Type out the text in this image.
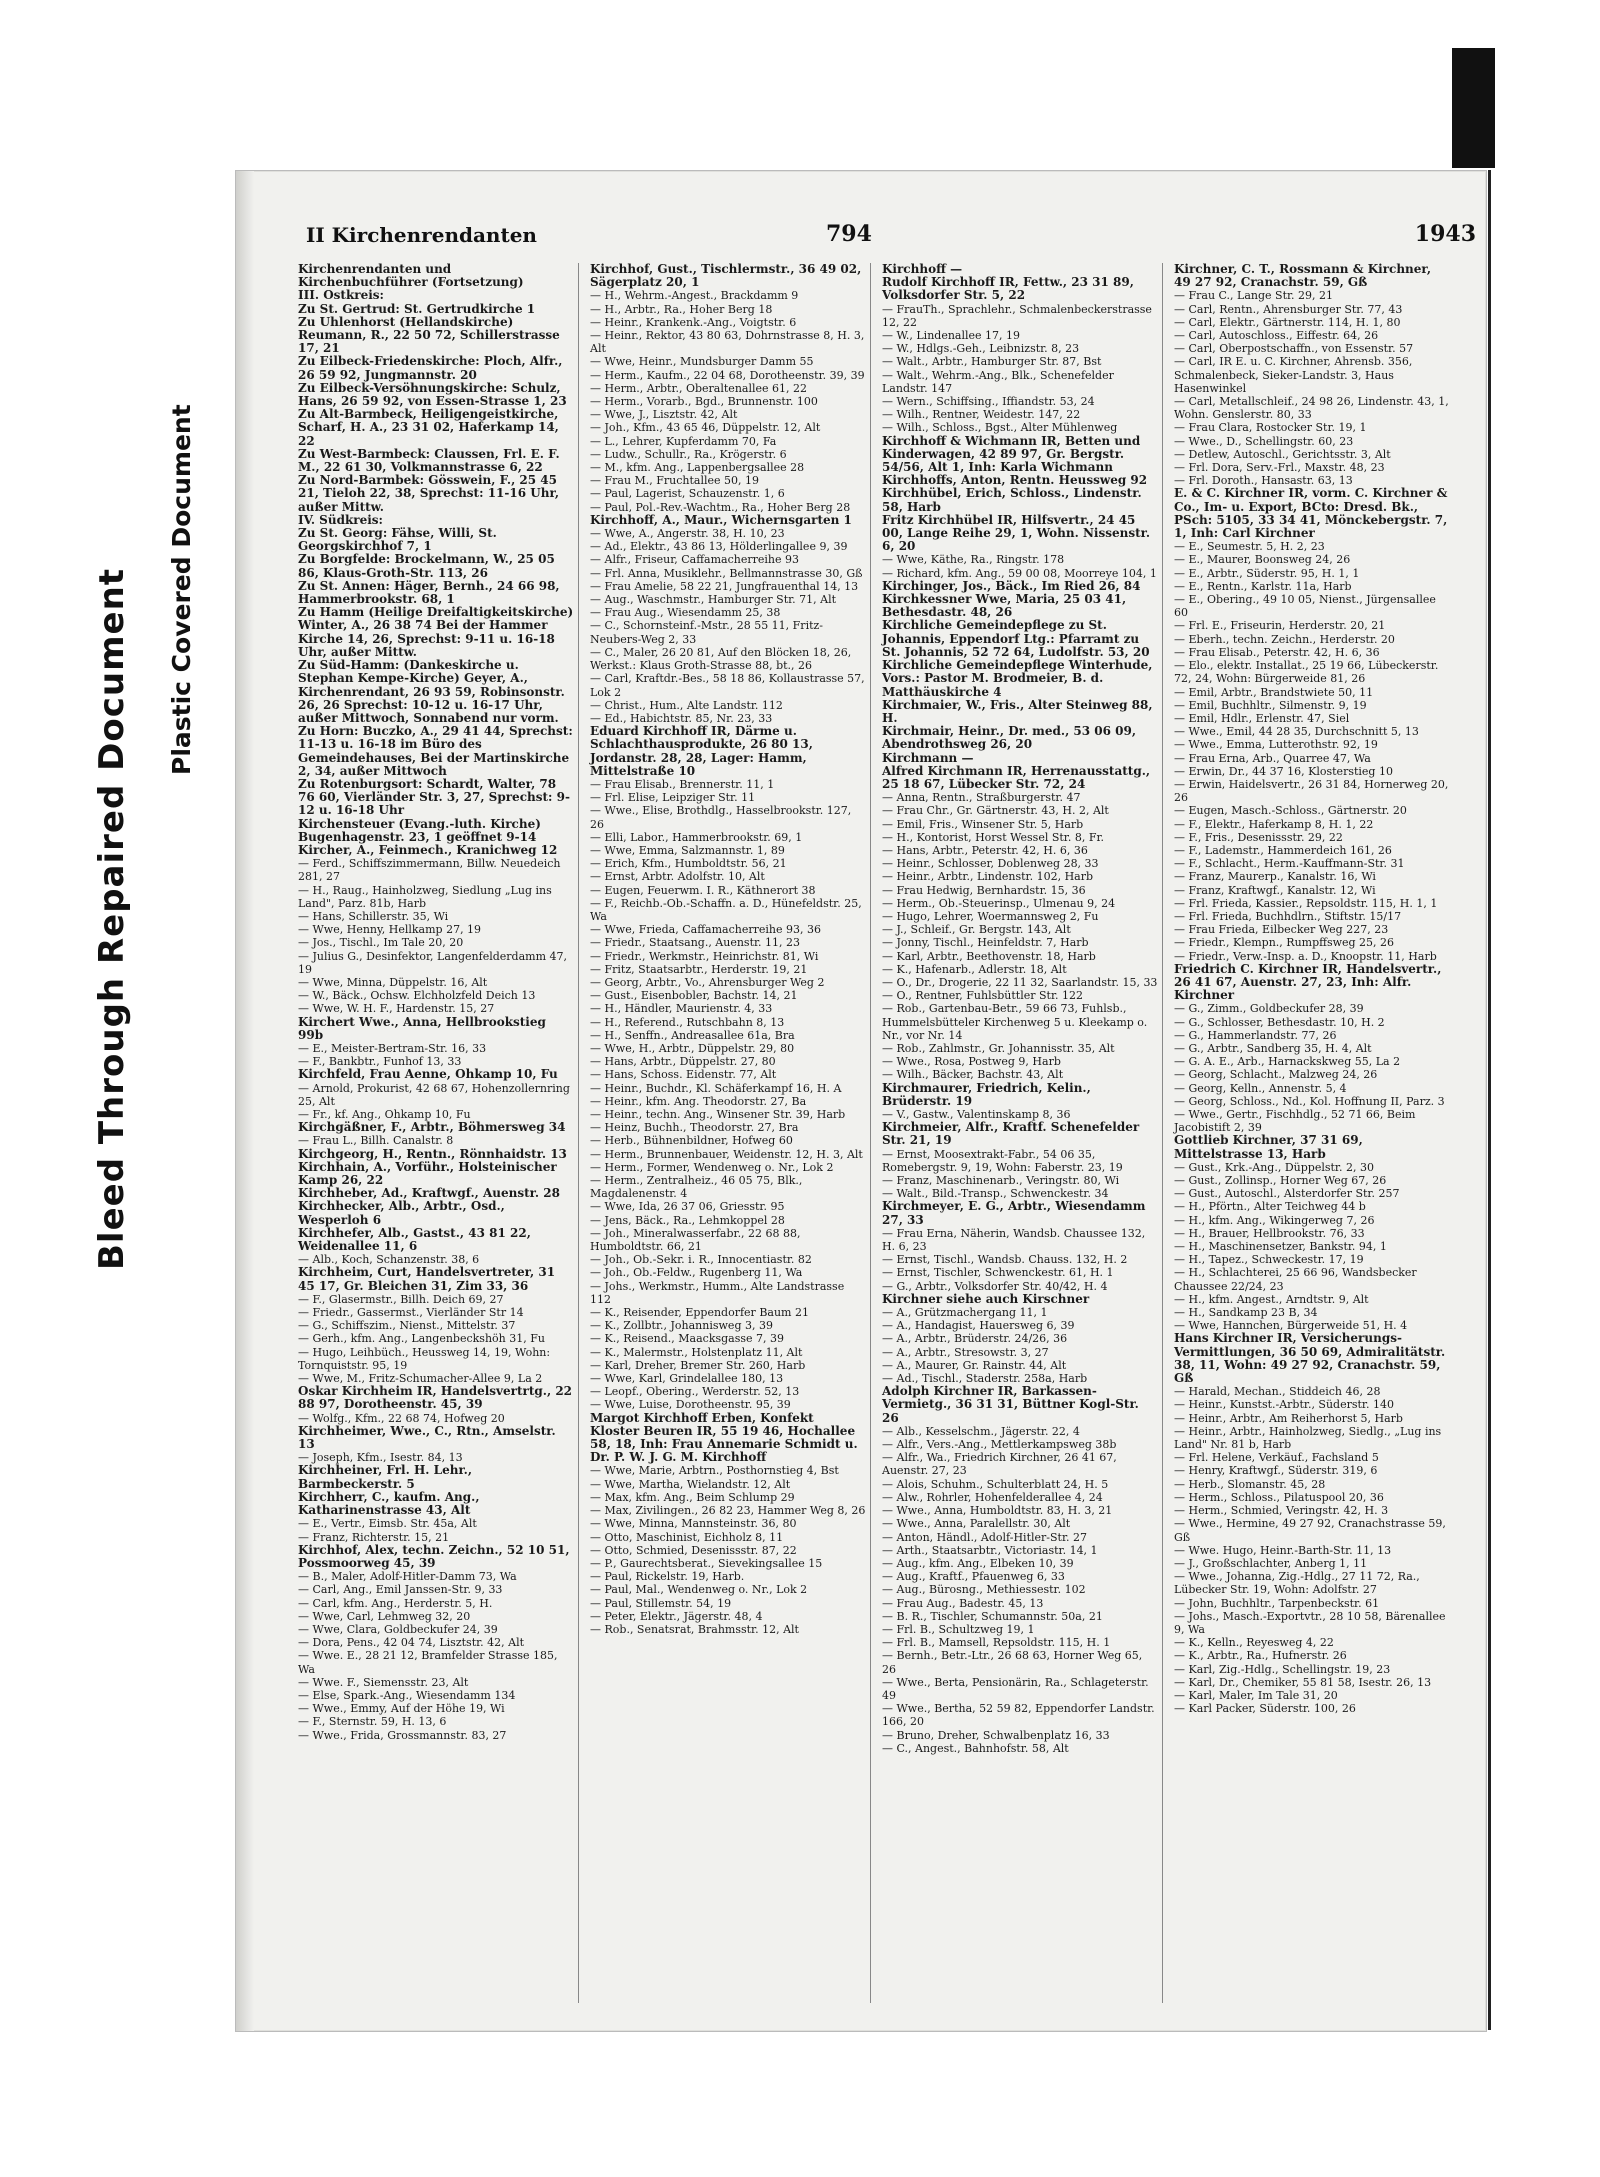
Bleed Through Repaired Document Plastic Covered Document
II Kirchenrendanten	794	1943

Kirchenrendanten und Kirchenbuchführer (Fortsetzung)

III. Ostkreis:

Zu St. Gertrud: St. Gertrudkirche 1

Zu Uhlenhorst (Hellandskirche) Reumann, R., 22 50 72, Schillerstrasse 17, 21

Zu Eilbeck-Friedenskirche: Ploch, Alfr., 26 59 92, Jungmannstr. 20

Zu Eilbeck-Versöhnungskirche: Schulz, Hans, 26 59 92, von Essen-Strasse 1, 23

Zu Alt-Barmbeck, Heiligengeistkirche, Scharf, H. A., 23 31 02, Haferkamp 14, 22

Zu West-Barmbeck: Claussen, Frl. E. F. M., 22 61 30, Volkmannstrasse 6, 22

Zu Nord-Barmbek: Gösswein, F., 25 45 21, Tieloh 22, 38, Sprechst: 11-16 Uhr, außer Mittw.

IV. Südkreis:

Zu St. Georg: Fähse, Willi, St. Georgskirchhof 7, 1

Zu Borgfelde: Brockelmann, W., 25 05 86, Klaus-Groth-Str. 113, 26

Zu St. Annen: Häger, Bernh., 24 66 98, Hammerbrookstr. 68, 1

Zu Hamm (Heilige Dreifaltigkeitskirche) Winter, A., 26 38 74 Bei der Hammer Kirche 14, 26, Sprechst: 9-11 u. 16-18 Uhr, außer Mittw.

Zu Süd-Hamm: (Dankeskirche u. Stephan Kempe-Kirche) Geyer, A., Kirchenrendant, 26 93 59, Robinsonstr. 26, 26 Sprechst: 10-12 u. 16-17 Uhr, außer Mittwoch, Sonnabend nur vorm.

Zu Horn: Buczko, A., 29 41 44, Sprechst: 11-13 u. 16-18 im Büro des Gemeindehauses, Bei der Martinskirche 2, 34, außer Mittwoch

Zu Rotenburgsort: Schardt, Walter, 78 76 60, Vierländer Str. 3, 27, Sprechst: 9-12 u. 16-18 Uhr

Kirchensteuer (Evang.-luth. Kirche) Bugenhagenstr. 23, 1 geöffnet 9-14

Kircher, A., Feinmech., Kranichweg 12

— Ferd., Schiffszimmermann, Billw. Neuedeich 281, 27

— H., Raug., Hainholzweg, Siedlung „Lug ins Land", Parz. 81b, Harb

— Hans, Schillerstr. 35, Wi

— Wwe, Henny, Hellkamp 27, 19

— Jos., Tischl., Im Tale 20, 20

— Julius G., Desinfektor, Langenfelderdamm 47, 19

— Wwe, Minna, Düppelstr. 16, Alt

— W., Bäck., Ochsw. Elchholzfeld Deich 13

— Wwe, W. H. F., Hardenstr. 15, 27

Kirchert Wwe., Anna, Hellbrookstieg 99b

— E., Meister-Bertram-Str. 16, 33

— F., Bankbtr., Funhof 13, 33

Kirchfeld, Frau Aenne, Ohkamp 10, Fu

— Arnold, Prokurist, 42 68 67, Hohenzollernring 25, Alt

— Fr., kf. Ang., Ohkamp 10, Fu

Kirchgäßner, F., Arbtr., Böhmersweg 34

— Frau L., Billh. Canalstr. 8

Kirchgeorg, H., Rentn., Rönnhaidstr. 13

Kirchhain, A., Vorführ., Holsteinischer Kamp 26, 22

Kirchheber, Ad., Kraftwgf., Auenstr. 28

Kirchhecker, Alb., Arbtr., Osd., Wesperloh 6

Kirchhefer, Alb., Gastst., 43 81 22, Weidenallee 11, 6

— Alb., Koch, Schanzenstr. 38, 6

Kirchheim, Curt, Handelsvertreter, 31 45 17, Gr. Bleichen 31, Zim 33, 36

— F., Glasermstr., Billh. Deich 69, 27

— Friedr., Gassermst., Vierländer Str 14

— G., Schiffszim., Nienst., Mittelstr. 37

— Gerh., kfm. Ang., Langenbeckshöh 31, Fu

— Hugo, Leihbüch., Heussweg 14, 19, Wohn: Tornquiststr. 95, 19

— Wwe, M., Fritz-Schumacher-Allee 9, La 2

Oskar Kirchheim IR, Handelsvertrtg., 22 88 97, Dorotheenstr. 45, 39

— Wolfg., Kfm., 22 68 74, Hofweg 20

Kirchheimer, Wwe., C., Rtn., Amselstr. 13

— Joseph, Kfm., Isestr. 84, 13

Kirchheiner, Frl. H. Lehr., Barmbeckerstr. 5

Kirchherr, C., kaufm. Ang., Katharinenstrasse 43, Alt

— E., Vertr., Eimsb. Str. 45a, Alt

— Franz, Richterstr. 15, 21

Kirchhof, Alex, techn. Zeichn., 52 10 51, Possmoorweg 45, 39

— B., Maler, Adolf-Hitler-Damm 73, Wa

— Carl, Ang., Emil Janssen-Str. 9, 33

— Carl, kfm. Ang., Herderstr. 5, H.

— Wwe, Carl, Lehmweg 32, 20

— Wwe, Clara, Goldbeckufer 24, 39

— Dora, Pens., 42 04 74, Lisztstr. 42, Alt

— Wwe. E., 28 21 12, Bramfelder Strasse 185, Wa

— Wwe. F., Siemensstr. 23, Alt

— Else, Spark.-Ang., Wiesendamm 134

— Wwe., Emmy, Auf der Höhe 19, Wi

— F., Sternstr. 59, H. 13, 6

— Wwe., Frida, Grossmannstr. 83, 27

Kirchhof, Gust., Tischlermstr., 36 49 02, Sägerplatz 20, 1

— H., Wehrm.-Angest., Brackdamm 9

— H., Arbtr., Ra., Hoher Berg 18

— Heinr., Krankenk.-Ang., Voigtstr. 6

— Heinr., Rektor, 43 80 63, Dohrnstrasse 8, H. 3, Alt

— Wwe, Heinr., Mundsburger Damm 55

— Herm., Kaufm., 22 04 68, Dorotheenstr. 39, 39

— Herm., Arbtr., Oberaltenallee 61, 22

— Herm., Vorarb., Bgd., Brunnenstr. 100

— Wwe, J., Lisztstr. 42, Alt

— Joh., Kfm., 43 65 46, Düppelstr. 12, Alt

— L., Lehrer, Kupferdamm 70, Fa

— Ludw., Schullr., Ra., Krögerstr. 6

— M., kfm. Ang., Lappenbergsallee 28

— Frau M., Fruchtallee 50, 19

— Paul, Lagerist, Schauzenstr. 1, 6

— Paul, Pol.-Rev.-Wachtm., Ra., Hoher Berg 28

Kirchhoff, A., Maur., Wichernsgarten 1

— Wwe, A., Angerstr. 38, H. 10, 23

— Ad., Elektr., 43 86 13, Hölderlingallee 9, 39

— Alfr., Friseur, Caffamacherreihe 93

— Frl. Anna, Musiklehr., Bellmannstrasse 30, Gß

— Frau Amelie, 58 22 21, Jungfrauenthal 14, 13

— Aug., Waschmstr., Hamburger Str. 71, Alt

— Frau Aug., Wiesendamm 25, 38

— C., Schornsteinf.-Mstr., 28 55 11, Fritz-Neubers-Weg 2, 33

— C., Maler, 26 20 81, Auf den Blöcken 18, 26, Werkst.: Klaus Groth-Strasse 88, bt., 26

— Carl, Kraftdr.-Bes., 58 18 86, Kollaustrasse 57, Lok 2

— Christ., Hum., Alte Landstr. 112

— Ed., Habichtstr. 85, Nr. 23, 33

Eduard Kirchhoff IR, Därme u. Schlachthausprodukte, 26 80 13, Jordanstr. 28, 28, Lager: Hamm, Mittelstraße 10

— Frau Elisab., Brennerstr. 11, 1

— Frl. Elise, Leipziger Str. 11

— Wwe., Elise, Brothdlg., Hasselbrookstr. 127, 26

— Elli, Labor., Hammerbrookstr. 69, 1

— Wwe, Emma, Salzmannstr. 1, 89

— Erich, Kfm., Humboldtstr. 56, 21

— Ernst, Arbtr. Adolfstr. 10, Alt

— Eugen, Feuerwm. I. R., Käthnerort 38

— F., Reichb.-Ob.-Schaffn. a. D., Hünefeldstr. 25, Wa

— Wwe, Frieda, Caffamacherreihe 93, 36

— Friedr., Staatsang., Auenstr. 11, 23

— Friedr., Werkmstr., Heinrichstr. 81, Wi

— Fritz, Staatsarbtr., Herderstr. 19, 21

— Georg, Arbtr., Vo., Ahrensburger Weg 2

— Gust., Eisenbobler, Bachstr. 14, 21

— H., Händler, Maurienstr. 4, 33

— H., Referend., Rutschbahn 8, 13

— H., Senffn., Andreasallee 61a, Bra

— Wwe, H., Arbtr., Düppelstr. 29, 80

— Hans, Arbtr., Düppelstr. 27, 80

— Hans, Schoss. Eidenstr. 77, Alt

— Heinr., Buchdr., Kl. Schäferkampf 16, H. A

— Heinr., kfm. Ang. Theodorstr. 27, Ba

— Heinr., techn. Ang., Winsener Str. 39, Harb

— Heinz, Buchh., Theodorstr. 27, Bra

— Herb., Bühnenbildner, Hofweg 60

— Herm., Brunnenbauer, Weidenstr. 12, H. 3, Alt

— Herm., Former, Wendenweg o. Nr., Lok 2

— Herm., Zentralheiz., 46 05 75, Blk., Magdalenenstr. 4

— Wwe, Ida, 26 37 06, Griesstr. 95

— Jens, Bäck., Ra., Lehmkoppel 28

— Joh., Mineralwasserfabr., 22 68 88, Humboldtstr. 66, 21

— Joh., Ob.-Sekr. i. R., Innocentiastr. 82

— Joh., Ob.-Feldw., Rugenberg 11, Wa

— Johs., Werkmstr., Humm., Alte Landstrasse 112

— K., Reisender, Eppendorfer Baum 21

— K., Zollbtr., Johannisweg 3, 39

— K., Reisend., Maacksgasse 7, 39

— K., Malermstr., Holstenplatz 11, Alt

— Karl, Dreher, Bremer Str. 260, Harb

— Wwe, Karl, Grindelallee 180, 13

— Leopf., Obering., Werderstr. 52, 13

— Wwe, Luise, Dorotheenstr. 95, 39

Margot Kirchhoff Erben, Konfekt Kloster Beuren IR, 55 19 46, Hochallee 58, 18, Inh: Frau Annemarie Schmidt u. Dr. P. W. J. G. M. Kirchhoff

— Wwe, Marie, Arbtrn., Posthornstieg 4, Bst

— Wwe, Martha, Wielandstr. 12, Alt

— Max, kfm. Ang., Beim Schlump 29

— Max, Zivilingen., 26 82 23, Hammer Weg 8, 26

— Wwe, Minna, Mannsteinstr. 36, 80

— Otto, Maschinist, Eichholz 8, 11

— Otto, Schmied, Desenissstr. 87, 22

— P., Gaurechtsberat., Sievekingsallee 15

— Paul, Rickelstr. 19, Harb.

— Paul, Mal., Wendenweg o. Nr., Lok 2

— Paul, Stillemstr. 54, 19

— Peter, Elektr., Jägerstr. 48, 4

— Rob., Senatsrat, Brahmsstr. 12, Alt

Kirchhoff —

Rudolf Kirchhoff IR, Fettw., 23 31 89, Volksdorfer Str. 5, 22

— FrauTh., Sprachlehr., Schmalenbeckerstrasse 12, 22

— W., Lindenallee 17, 19

— W., Hdlgs.-Geh., Leibnizstr. 8, 23

— Walt., Arbtr., Hamburger Str. 87, Bst

— Walt., Wehrm.-Ang., Blk., Schenefelder Landstr. 147

— Wern., Schiffsing., Iffiandstr. 53, 24

— Wilh., Rentner, Weidestr. 147, 22

— Wilh., Schloss., Bgst., Alter Mühlenweg

Kirchhoff & Wichmann IR, Betten und Kinderwagen, 42 89 97, Gr. Bergstr. 54/56, Alt 1, Inh: Karla Wichmann

Kirchhoffs, Anton, Rentn. Heussweg 92

Kirchhübel, Erich, Schloss., Lindenstr. 58, Harb

Fritz Kirchhübel IR, Hilfsvertr., 24 45 00, Lange Reihe 29, 1, Wohn. Nissenstr. 6, 20

— Wwe, Käthe, Ra., Ringstr. 178

— Richard, kfm. Ang., 59 00 08, Moorreye 104, 1

Kirchinger, Jos., Bäck., Im Ried 26, 84

Kirchkessner Wwe, Maria, 25 03 41, Bethesdastr. 48, 26

Kirchliche Gemeindepflege zu St. Johannis, Eppendorf Ltg.: Pfarramt zu St. Johannis, 52 72 64, Ludolfstr. 53, 20

Kirchliche Gemeindepflege Winterhude, Vors.: Pastor M. Brodmeier, B. d. Matthäuskirche 4

Kirchmaier, W., Fris., Alter Steinweg 88, H.

Kirchmair, Heinr., Dr. med., 53 06 09, Abendrothsweg 26, 20

Kirchmann —

Alfred Kirchmann IR, Herrenausstattg., 25 18 67, Lübecker Str. 72, 24

— Anna, Rentn., Straßburgerstr. 47

— Frau Chr., Gr. Gärtnerstr. 43, H. 2, Alt

— Emil, Fris., Winsener Str. 5, Harb

— H., Kontorist, Horst Wessel Str. 8, Fr.

— Hans, Arbtr., Peterstr. 42, H. 6, 36

— Heinr., Schlosser, Doblenweg 28, 33

— Heinr., Arbtr., Lindenstr. 102, Harb

— Frau Hedwig, Bernhardstr. 15, 36

— Herm., Ob.-Steuerinsp., Ulmenau 9, 24

— Hugo, Lehrer, Woermannsweg 2, Fu

— J., Schleif., Gr. Bergstr. 143, Alt

— Jonny, Tischl., Heinfeldstr. 7, Harb

— Karl, Arbtr., Beethovenstr. 18, Harb

— K., Hafenarb., Adlerstr. 18, Alt

— O., Dr., Drogerie, 22 11 32, Saarlandstr. 15, 33

— O., Rentner, Fuhlsbüttler Str. 122

— Rob., Gartenbau-Betr., 59 66 73, Fuhlsb., Hummelsbütteler Kirchenweg 5 u. Kleekamp o. Nr., vor Nr. 14

— Rob., Zahlmstr., Gr. Johannisstr. 35, Alt

— Wwe., Rosa, Postweg 9, Harb

— Wilh., Bäcker, Bachstr. 43, Alt

Kirchmaurer, Friedrich, Kelin., Brüderstr. 19

— V., Gastw., Valentinskamp 8, 36

Kirchmeier, Alfr., Kraftf. Schenefelder Str. 21, 19

— Ernst, Moosextrakt-Fabr., 54 06 35, Romebergstr. 9, 19, Wohn: Faberstr. 23, 19

— Franz, Maschinenarb., Veringstr. 80, Wi

— Walt., Bild.-Transp., Schwenckestr. 34

Kirchmeyer, E. G., Arbtr., Wiesendamm 27, 33

— Frau Erna, Näherin, Wandsb. Chaussee 132, H. 6, 23

— Ernst, Tischl., Wandsb. Chauss. 132, H. 2

— Ernst, Tischler, Schwenckestr. 61, H. 1

— G., Arbtr., Volksdorfer Str. 40/42, H. 4

Kirchner siehe auch Kirschner

— A., Grützmachergang 11, 1

— A., Handagist, Hauersweg 6, 39

— A., Arbtr., Brüderstr. 24/26, 36

— A., Arbtr., Stresowstr. 3, 27

— A., Maurer, Gr. Rainstr. 44, Alt

— Ad., Tischl., Staderstr. 258a, Harb

Adolph Kirchner IR, Barkassen-Vermietg., 36 31 31, Büttner Kogl-Str. 26

— Alb., Kesselschm., Jägerstr. 22, 4

— Alfr., Vers.-Ang., Mettlerkampsweg 38b

— Alfr., Wa., Friedrich Kirchner, 26 41 67, Auenstr. 27, 23

— Alois, Schuhm., Schulterblatt 24, H. 5

— Alw., Rohrler, Hohenfelderallee 4, 24

— Wwe., Anna, Humboldtstr. 83, H. 3, 21

— Wwe., Anna, Paralellstr. 30, Alt

— Anton, Händl., Adolf-Hitler-Str. 27

— Arth., Staatsarbtr., Victoriastr. 14, 1

— Aug., kfm. Ang., Elbeken 10, 39

— Aug., Kraftf., Pfauenweg 6, 33

— Aug., Bürosng., Methiessestr. 102

— Frau Aug., Badestr. 45, 13

— B. R., Tischler, Schumannstr. 50a, 21

— Frl. B., Schultzweg 19, 1

— Frl. B., Mamsell, Repsoldstr. 115, H. 1

— Bernh., Betr.-Ltr., 26 68 63, Horner Weg 65, 26

— Wwe., Berta, Pensionärin, Ra., Schlageterstr. 49

— Wwe., Bertha, 52 59 82, Eppendorfer Landstr. 166, 20

— Bruno, Dreher, Schwalbenplatz 16, 33

— C., Angest., Bahnhofstr. 58, Alt

Kirchner, C. T., Rossmann & Kirchner, 49 27 92, Cranachstr. 59, Gß

— Frau C., Lange Str. 29, 21

— Carl, Rentn., Ahrensburger Str. 77, 43

— Carl, Elektr., Gärtnerstr. 114, H. 1, 80

— Carl, Autoschloss., Eiffestr. 64, 26

— Carl, Oberpostschaffn., von Essenstr. 57

— Carl, IR E. u. C. Kirchner, Ahrensb. 356, Schmalenbeck, Sieker-Landstr. 3, Haus Hasenwinkel

— Carl, Metallschleif., 24 98 26, Lindenstr. 43, 1, Wohn. Genslerstr. 80, 33

— Frau Clara, Rostocker Str. 19, 1

— Wwe., D., Schellingstr. 60, 23

— Detlew, Autoschl., Gerichtsstr. 3, Alt

— Frl. Dora, Serv.-Frl., Maxstr. 48, 23

— Frl. Doroth., Hansastr. 63, 13

E. & C. Kirchner IR, vorm. C. Kirchner & Co., Im- u. Export, BCto: Dresd. Bk., PSch: 5105, 33 34 41, Mönckebergstr. 7, 1, Inh: Carl Kirchner

— E., Seumestr. 5, H. 2, 23

— E., Maurer, Boonsweg 24, 26

— E., Arbtr., Süderstr. 95, H. 1, 1

— E., Rentn., Karlstr. 11a, Harb

— E., Obering., 49 10 05, Nienst., Jürgensallee 60

— Frl. E., Friseurin, Herderstr. 20, 21

— Eberh., techn. Zeichn., Herderstr. 20

— Frau Elisab., Peterstr. 42, H. 6, 36

— Elo., elektr. Installat., 25 19 66, Lübeckerstr. 72, 24, Wohn: Bürgerweide 81, 26

— Emil, Arbtr., Brandstwiete 50, 11

— Emil, Buchhltr., Silmenstr. 9, 19

— Emil, Hdlr., Erlenstr. 47, Siel

— Wwe., Emil, 44 28 35, Durchschnitt 5, 13

— Wwe., Emma, Lutterothstr. 92, 19

— Frau Erna, Arb., Quarree 47, Wa

— Erwin, Dr., 44 37 16, Klosterstieg 10

— Erwin, Haidelsvertr., 26 31 84, Hornerweg 20, 26

— Eugen, Masch.-Schloss., Gärtnerstr. 20

— F., Elektr., Haferkamp 8, H. 1, 22

— F., Fris., Desenissstr. 29, 22

— F., Lademstr., Hammerdeich 161, 26

— F., Schlacht., Herm.-Kauffmann-Str. 31

— Franz, Maurerp., Kanalstr. 16, Wi

— Franz, Kraftwgf., Kanalstr. 12, Wi

— Frl. Frieda, Kassier., Repsoldstr. 115, H. 1, 1

— Frl. Frieda, Buchhdlrn., Stiftstr. 15/17

— Frau Frieda, Eilbecker Weg 227, 23

— Friedr., Klempn., Rumpffsweg 25, 26

— Friedr., Verw.-Insp. a. D., Knoopstr. 11, Harb

Friedrich C. Kirchner IR, Handelsvertr., 26 41 67, Auenstr. 27, 23, Inh: Alfr. Kirchner

— G., Zimm., Goldbeckufer 28, 39

— G., Schlosser, Bethesdastr. 10, H. 2

— G., Hammerlandstr. 77, 26

— G., Arbtr., Sandberg 35, H. 4, Alt

— G. A. E., Arb., Harnackskweg 55, La 2

— Georg, Schlacht., Malzweg 24, 26

— Georg, Kelln., Annenstr. 5, 4

— Georg, Schloss., Nd., Kol. Hoffnung II, Parz. 3

— Wwe., Gertr., Fischhdlg., 52 71 66, Beim Jacobistift 2, 39

Gottlieb Kirchner, 37 31 69, Mittelstrasse 13, Harb

— Gust., Krk.-Ang., Düppelstr. 2, 30

— Gust., Zollinsp., Horner Weg 67, 26

— Gust., Autoschl., Alsterdorfer Str. 257

— H., Pförtn., Alter Teichweg 44 b

— H., kfm. Ang., Wikingerweg 7, 26

— H., Brauer, Hellbrookstr. 76, 33

— H., Maschinensetzer, Bankstr. 94, 1

— H., Tapez., Schweckestr. 17, 19

— H., Schlachterei, 25 66 96, Wandsbecker Chaussee 22/24, 23

— H., kfm. Angest., Arndtstr. 9, Alt

— H., Sandkamp 23 B, 34

— Wwe, Hannchen, Bürgerweide 51, H. 4

Hans Kirchner IR, Versicherungs-Vermittlungen, 36 50 69, Admiralitätstr. 38, 11, Wohn: 49 27 92, Cranachstr. 59, Gß

— Harald, Mechan., Stiddeich 46, 28

— Heinr., Kunstst.-Arbtr., Süderstr. 140

— Heinr., Arbtr., Am Reiherhorst 5, Harb

— Heinr., Arbtr., Hainholzweg, Siedlg., „Lug ins Land" Nr. 81 b, Harb

— Frl. Helene, Verkäuf., Fachsland 5

— Henry, Kraftwgf., Süderstr. 319, 6

— Herb., Slomanstr. 45, 28

— Herm., Schloss., Pilatuspool 20, 36

— Herm., Schmied, Veringstr. 42, H. 3

— Wwe., Hermine, 49 27 92, Cranachstrasse 59, Gß

— Wwe. Hugo, Heinr.-Barth-Str. 11, 13

— J., Großschlachter, Anberg 1, 11

— Wwe., Johanna, Zig.-Hdlg., 27 11 72, Ra., Lübecker Str. 19, Wohn: Adolfstr. 27

— John, Buchhltr., Tarpenbeckstr. 61

— Johs., Masch.-Exportvtr., 28 10 58, Bärenallee 9, Wa

— K., Kelln., Reyesweg 4, 22

— K., Arbtr., Ra., Hufnerstr. 26

— Karl, Zig.-Hdlg., Schellingstr. 19, 23

— Karl, Dr., Chemiker, 55 81 58, Isestr. 26, 13

— Karl, Maler, Im Tale 31, 20

— Karl Packer, Süderstr. 100, 26
